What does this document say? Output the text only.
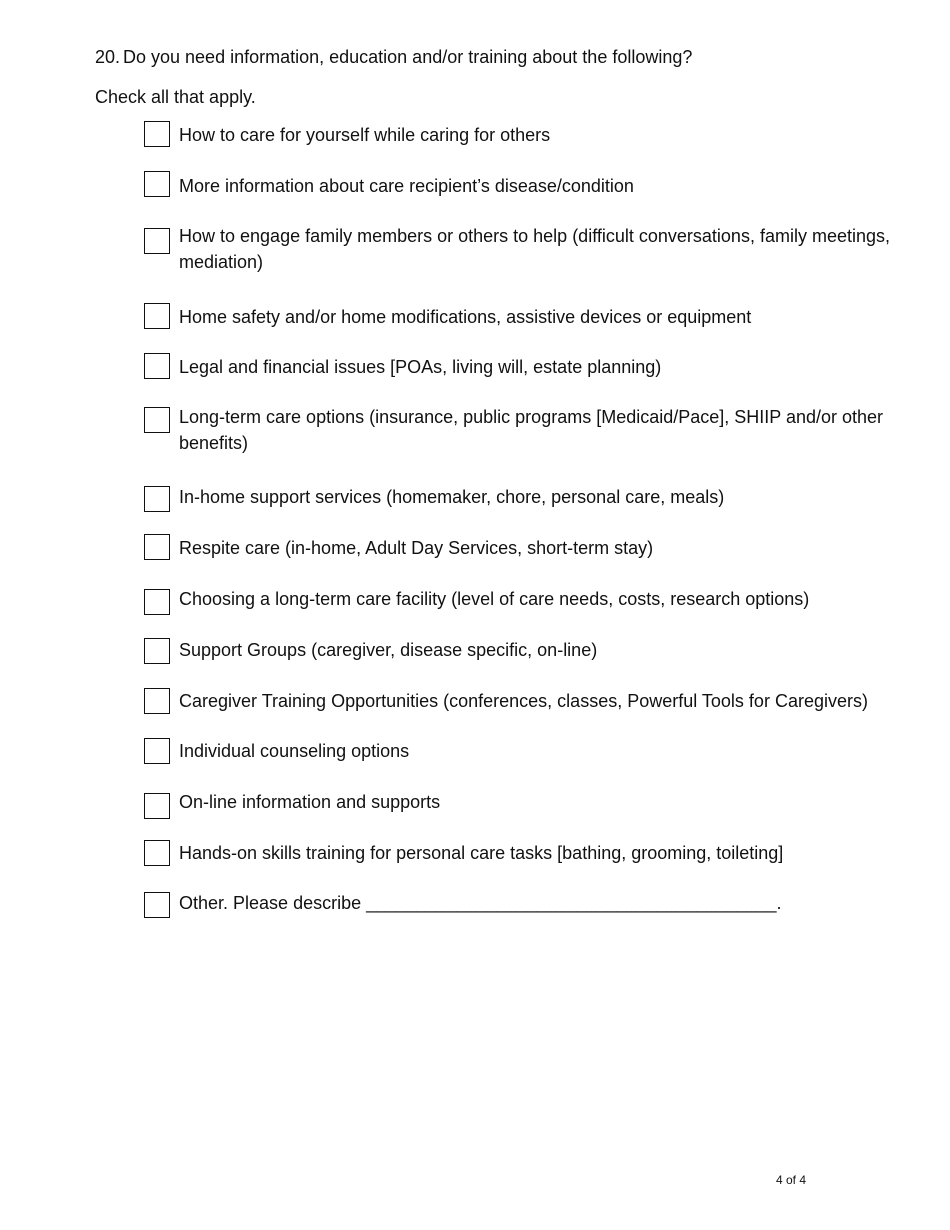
20. Do you need information, education and/or training about the following?
Check all that apply.
How to care for yourself while caring for others
More information about care recipient’s disease/condition
How to engage family members or others to help (difficult conversations, family meetings, mediation)
Home safety and/or home modifications, assistive devices or equipment
Legal and financial issues [POAs, living will, estate planning)
Long-term care options (insurance, public programs [Medicaid/Pace], SHIIP and/or other benefits)
In-home support services (homemaker, chore, personal care, meals)
Respite care (in-home, Adult Day Services, short-term stay)
Choosing a long-term care facility (level of care needs, costs, research options)
Support Groups (caregiver, disease specific, on-line)
Caregiver Training Opportunities (conferences, classes, Powerful Tools for Caregivers)
Individual counseling options
On-line information and supports
Hands-on skills training for personal care tasks [bathing, grooming, toileting]
Other. Please describe _________________________________________.
4 of 4
